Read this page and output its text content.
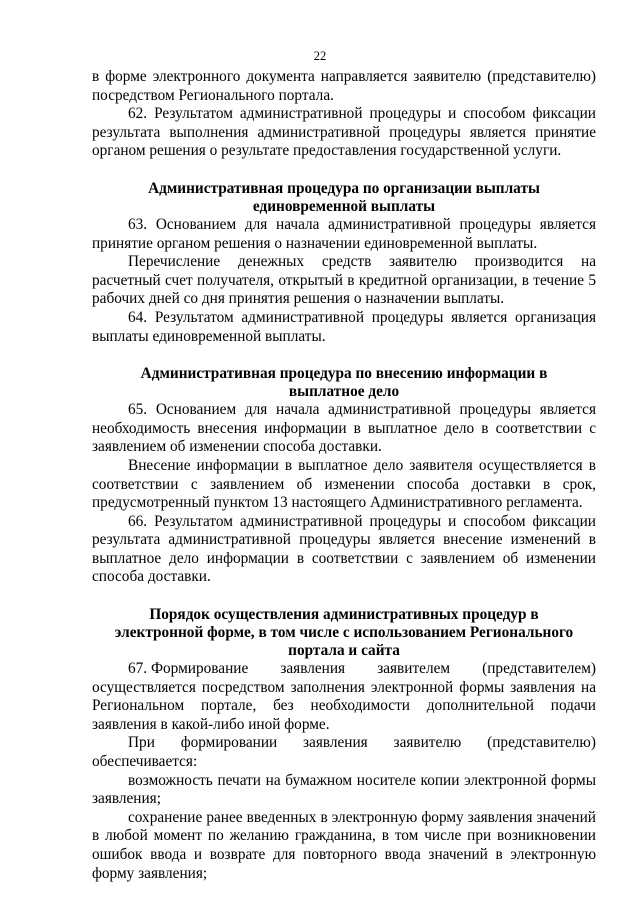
22

в форме электронного документа направляется заявителю (представителю) посредством Регионального портала.

62. Результатом административной процедуры и способом фиксации результата выполнения административной процедуры является принятие органом решения о результате предоставления государственной услуги.

Административная процедура по организации выплаты
единовременной выплаты

63. Основанием для начала административной процедуры является принятие органом решения о назначении единовременной выплаты.

Перечисление денежных средств заявителю производится на расчетный счет получателя, открытый в кредитной организации, в течение 5 рабочих дней со дня принятия решения о назначении выплаты.

64. Результатом административной процедуры является организация выплаты единовременной выплаты.

Административная процедура по внесению информации в
выплатное дело

65. Основанием для начала административной процедуры является необходимость внесения информации в выплатное дело в соответствии с заявлением об изменении способа доставки.

Внесение информации в выплатное дело заявителя осуществляется в соответствии с заявлением об изменении способа доставки в срок, предусмотренный пунктом 13 настоящего Административного регламента.

66. Результатом административной процедуры и способом фиксации результата административной процедуры является внесение изменений в выплатное дело информации в соответствии с заявлением об изменении способа доставки.

Порядок осуществления административных процедур в
электронной форме, в том числе с использованием Регионального
портала и сайта
67. Формирование заявления заявителем (представителем)

осуществляется посредством заполнения электронной формы заявления на Региональном портале, без необходимости дополнительной подачи заявления в какой-либо иной форме.

При формировании заявления заявителю (представителю)

обеспечивается:

возможность печати на бумажном носителе копии электронной формы заявления;

сохранение ранее введенных в электронную форму заявления значений в любой момент по желанию гражданина, в том числе при возникновении ошибок ввода и возврате для повторного ввода значений в электронную форму заявления;
